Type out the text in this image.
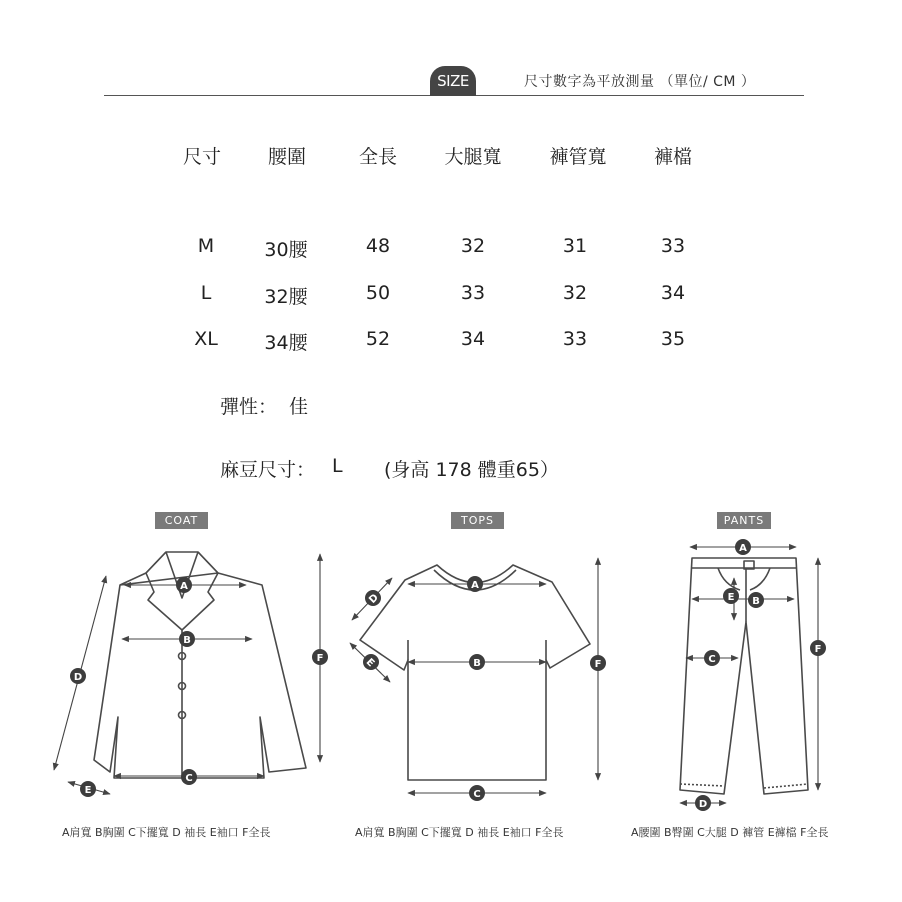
SIZE	尺寸數字為平放測量 （單位/ CM ）
尺寸	腰圍	全長	大腿寬	褲管寬	褲檔
M	30腰	48	32	31	33
L	32腰	50	33	32	34
XL	34腰	52	34	33	35
彈性： 佳
麻豆尺寸： L (身高 178 體重65）
COAT	TOPS	PANTS
A
B
C
D
E
F
A
B
C
D
E	F
A
E B
C
D
F
A肩寬 B胸圍 C下擺寬 D 袖長 E袖口 F全長	A肩寬 B胸圍 C下擺寬 D 袖長 E袖口 F全長	A腰圍 B臀圍 C大腿 D 褲管 E褲檔 F全長
